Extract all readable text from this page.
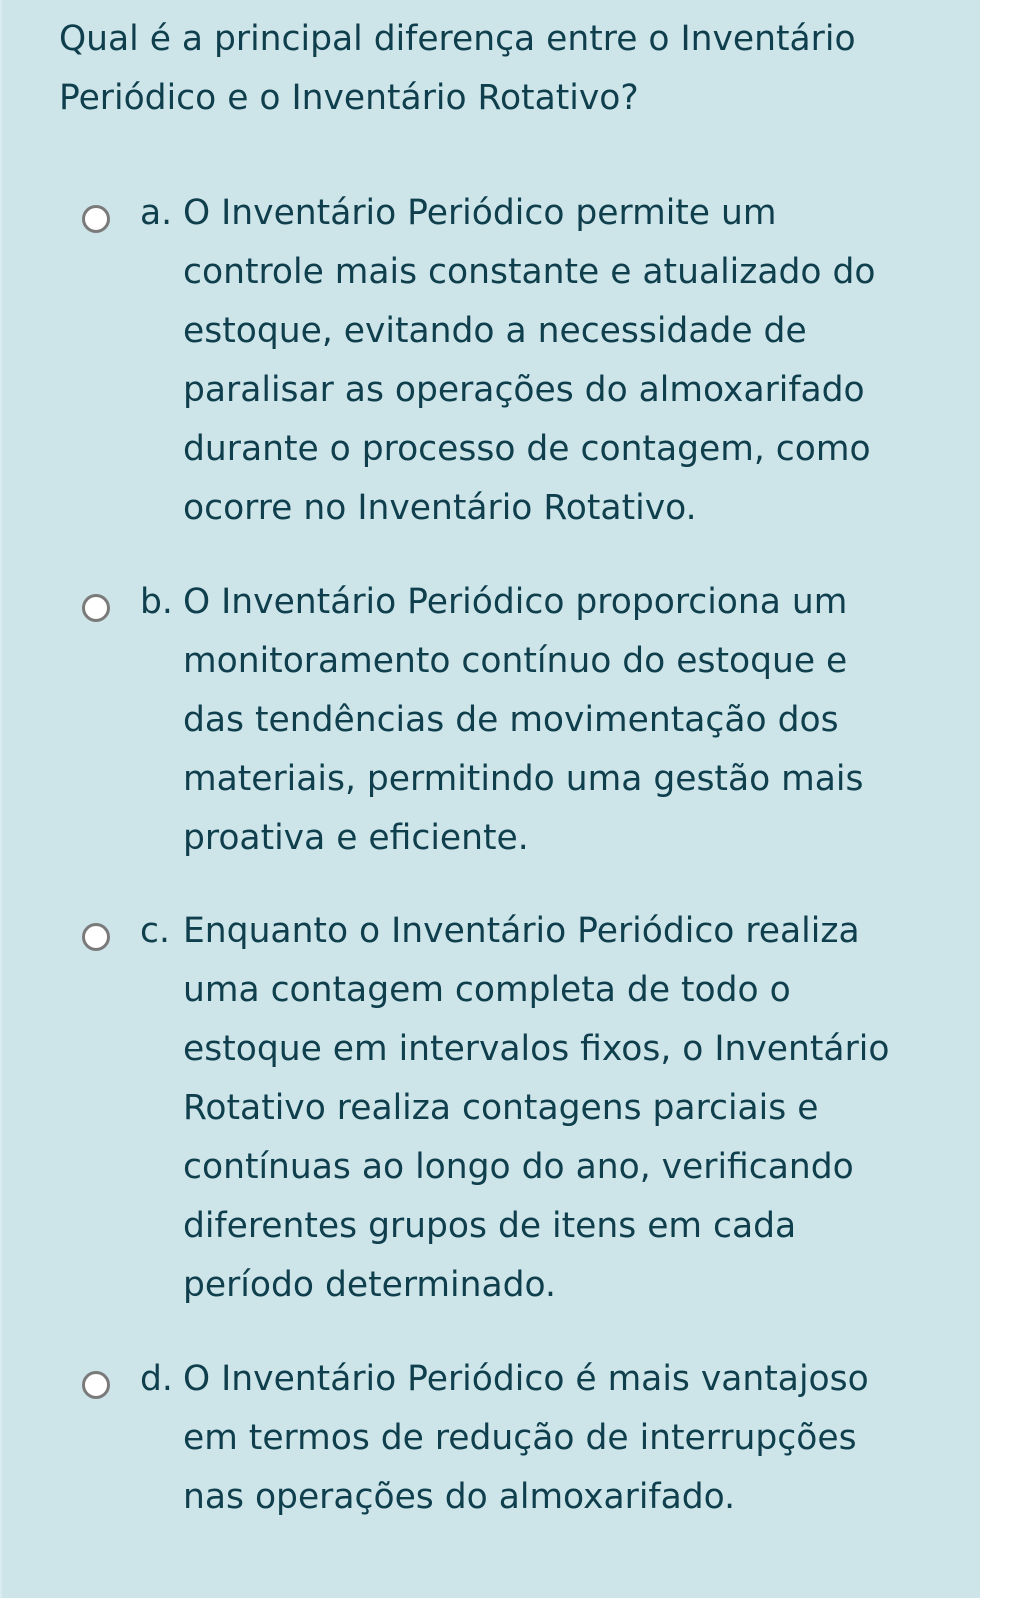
Qual é a principal diferença entre o Inventário
Periódico e o Inventário Rotativo?
a. O Inventário Periódico permite um
controle mais constante e atualizado do
estoque, evitando a necessidade de
paralisar as operações do almoxarifado
durante o processo de contagem, como
ocorre no Inventário Rotativo.

b. O Inventário Periódico proporciona um
monitoramento contínuo do estoque e
das tendências de movimentação dos
materiais, permitindo uma gestão mais
proativa e eficiente.

c. Enquanto o Inventário Periódico realiza
uma contagem completa de todo o
estoque em intervalos fixos, o Inventário
Rotativo realiza contagens parciais e
contínuas ao longo do ano, verificando
diferentes grupos de itens em cada
período determinado.

d. O Inventário Periódico é mais vantajoso
em termos de redução de interrupções
nas operações do almoxarifado.
